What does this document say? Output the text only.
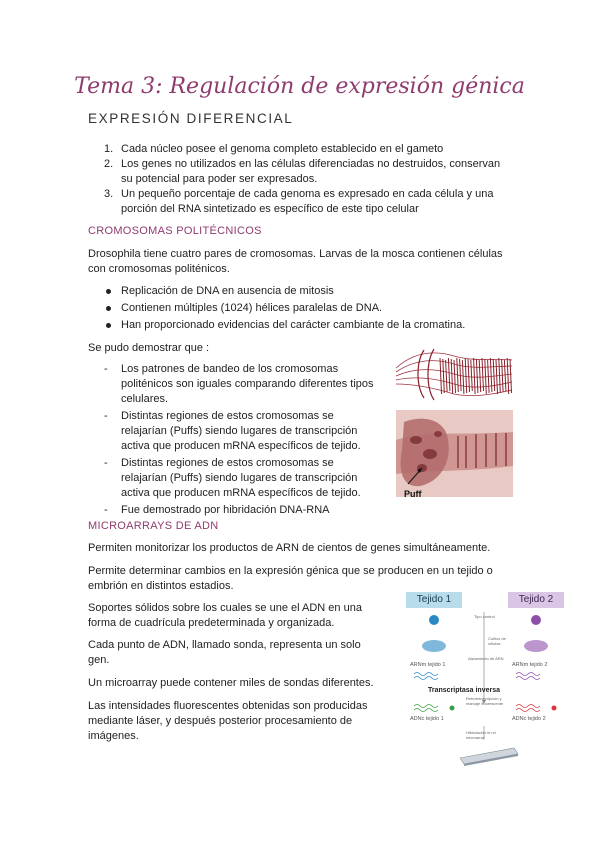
Tema 3: Regulación de expresión génica
EXPRESIÓN DIFERENCIAL
1. Cada núcleo posee el genoma completo establecido en el gameto
2. Los genes no utilizados en las células diferenciadas no destruidos, conservan su potencial para poder ser expresados.
3. Un pequeño porcentaje de cada genoma es expresado en cada célula y una porción del RNA sintetizado es específico de este tipo celular
CROMOSOMAS POLITÉCNICOS
Drosophila tiene cuatro pares de cromosomas. Larvas de la mosca contienen células con cromosomas politénicos.
Replicación de DNA en ausencia de mitosis
Contienen múltiples (1024) hélices paralelas de DNA.
Han proporcionado evidencias del carácter cambiante de la cromatina.
Se pudo demostrar que :
- Los patrones de bandeo de los cromosomas politénicos son iguales comparando diferentes tipos celulares.
- Distintas regiones de estos cromosomas se relajarían (Puffs) siendo lugares de transcripción activa que producen mRNA específicos de tejido.
- Distintas regiones de estos cromosomas se relajarían (Puffs) siendo lugares de transcripción activa que producen mRNA específicos de tejido.
- Fue demostrado por hibridación DNA-RNA
Puff
MICROARRAYS DE ADN
Permiten monitorizar los productos de ARN de cientos de genes simultáneamente.
Permite determinar cambios en la expresión génica que se producen en un tejido o embrión en distintos estadios.
Soportes sólidos sobre los cuales se une el ADN en una forma de cuadrícula predeterminada y organizada.
Cada punto de ADN, llamado sonda, representa un solo gen.
Un microarray puede contener miles de sondas diferentes.
Las intensidades fluorescentes obtenidas son producidas mediante láser, y después posterior procesamiento de imágenes.
Tejido 1	Tejido 2
Tipo control
Cultivo de células
Aislamiento de ARN
ARNm tejido 1	ARNm tejido 2
Transcriptasa inversa
Retrotranscripción y marcaje fluorescente
ADNc tejido 1	ADNc tejido 2
Hibridación en el microarray
